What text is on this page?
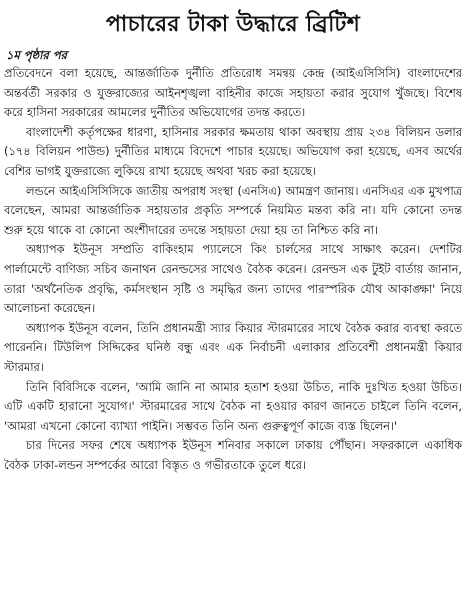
পাচারের টাকা উদ্ধারে ব্রিটিশ
১ম পৃষ্ঠার পর

প্রতিবেদনে বলা হয়েছে, আন্তর্জাতিক দুর্নীতি প্রতিরোধ সমন্বয় কেন্দ্র (আইএসিসিসি) বাংলাদেশের অন্তর্বর্তী সরকার ও যুক্তরাজ্যের আইনশৃঙ্খলা বাহিনীর কাজে সহায়তা করার সুযোগ খুঁজছে। বিশেষ করে হাসিনা সরকারের আমলের দুর্নীতির অভিযোগের তদন্ত করতে।

বাংলাদেশী কর্তৃপক্ষের ধারণা, হাসিনার সরকার ক্ষমতায় থাকা অবস্থায় প্রায় ২৩৪ বিলিয়ন ডলার (১৭৪ বিলিয়ন পাউন্ড) দুর্নীতির মাধ্যমে বিদেশে পাচার হয়েছে। অভিযোগ করা হয়েছে, এসব অর্থের বেশির ভাগই যুক্তরাজ্যে লুকিয়ে রাখা হয়েছে অথবা খরচ করা হয়েছে।

লন্ডনে আইএসিসিসিকে জাতীয় অপরাধ সংস্থা (এনসিএ) আমন্ত্রণ জানায়। এনসিএর এক মুখপাত্র বলেছেন, আমরা আন্তর্জাতিক সহায়তার প্রকৃতি সম্পর্কে নিয়মিত মন্তব্য করি না। যদি কোনো তদন্ত শুরু হয়ে থাকে বা কোনো অংশীদারের তদন্তে সহায়তা দেয়া হয় তা নিশ্চিত করি না।

অধ্যাপক ইউনূস সম্প্রতি বাকিংহাম প্যালেসে কিং চার্লসের সাথে সাক্ষাৎ করেন। দেশটির পার্লামেন্টে বাণিজ্য সচিব জনাথন রেনল্ডসের সাথেও বৈঠক করেন। রেনল্ডস এক টুইট বার্তায় জানান, তারা 'অর্থনৈতিক প্রবৃদ্ধি, কর্মসংস্থান সৃষ্টি ও সমৃদ্ধির জন্য তাদের পারস্পরিক যৌথ আকাঙ্ক্ষা' নিয়ে আলোচনা করেছেন।

অধ্যাপক ইউনূস বলেন, তিনি প্রধানমন্ত্রী স্যার কিয়ার স্টারমারের সাথে বৈঠক করার ব্যবস্থা করতে পারেননি। টিউলিপ সিদ্দিকের ঘনিষ্ঠ বন্ধু এবং এক নির্বাচনী এলাকার প্রতিবেশী প্রধানমন্ত্রী কিয়ার স্টারমার।

তিনি বিবিসিকে বলেন, 'আমি জানি না আমার হতাশ হওয়া উচিত, নাকি দুঃখিত হওয়া উচিত। এটি একটি হারানো সুযোগ।' স্টারমারের সাথে বৈঠক না হওয়ার কারণ জানতে চাইলে তিনি বলেন, 'আমরা এখনো কোনো ব্যাখ্যা পাইনি। সম্ভবত তিনি অন্য গুরুত্বপূর্ণ কাজে ব্যস্ত ছিলেন।'

চার দিনের সফর শেষে অধ্যাপক ইউনূস শনিবার সকালে ঢাকায় পৌঁছান। সফরকালে একাধিক বৈঠক ঢাকা-লন্ডন সম্পর্কের আরো বিস্তৃত ও গভীরতাকে তুলে ধরে।
